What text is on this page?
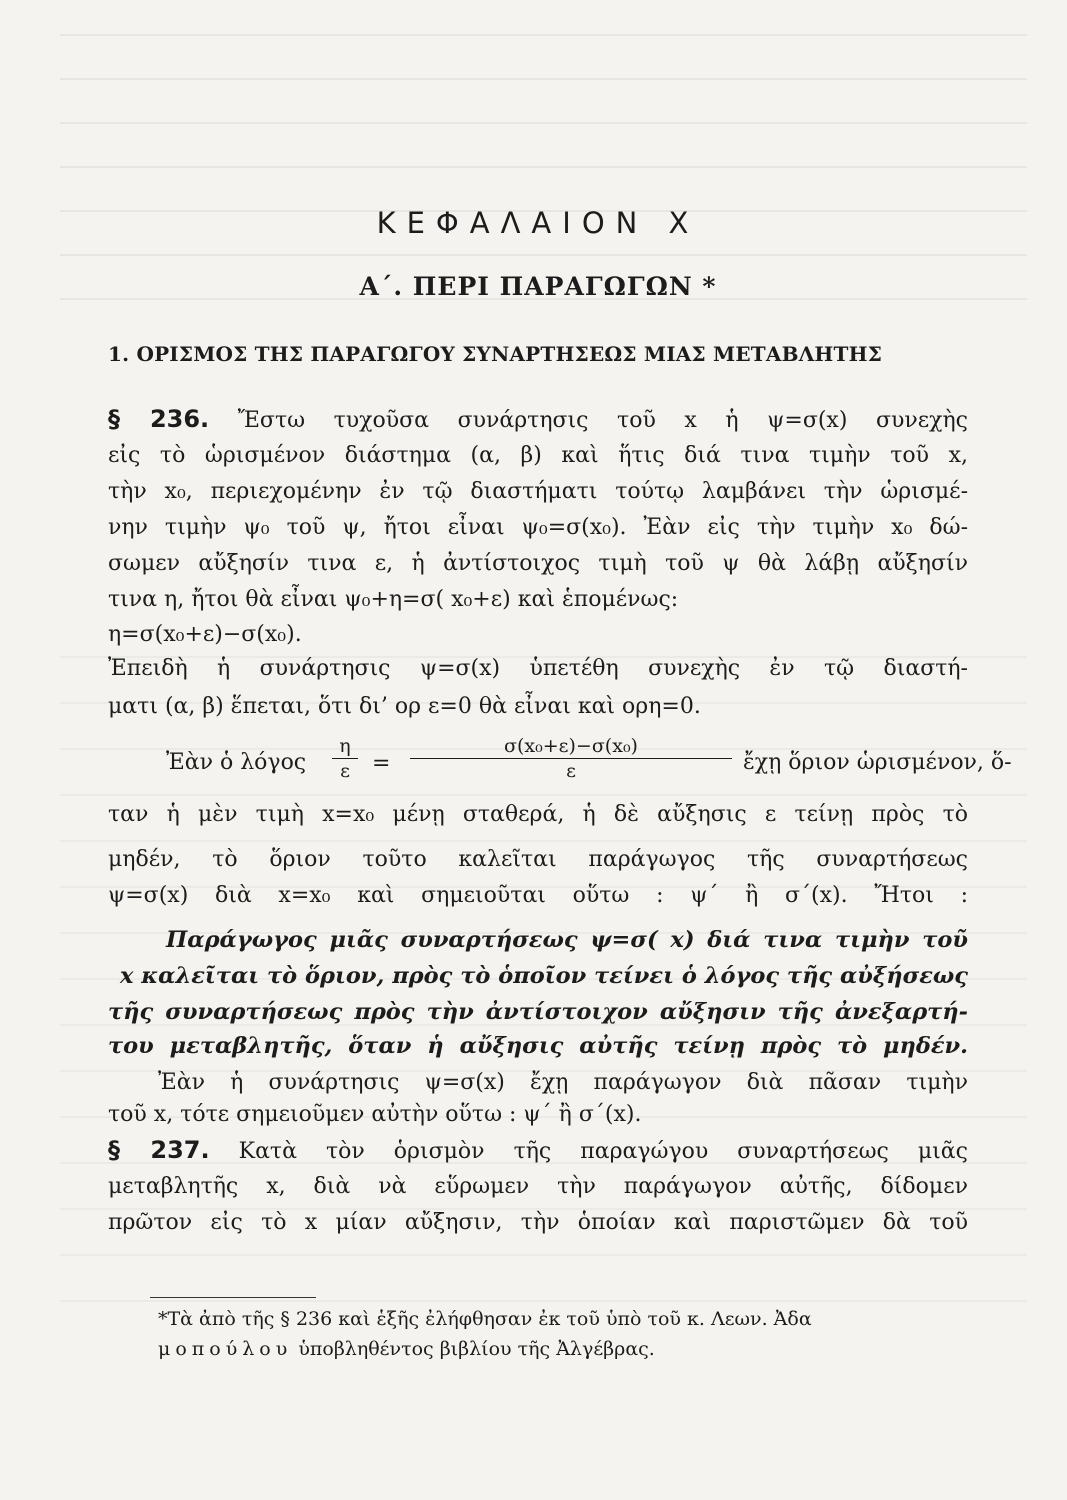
ΚΕΦΑΛΑΙΟΝ Χ
Α΄. ΠΕΡΙ ΠΑΡΑΓΩΓΩΝ *
1. ΟΡΙΣΜΟΣ ΤΗΣ ΠΑΡΑΓΩΓΟΥ ΣΥΝΑΡΤΗΣΕΩΣ ΜΙΑΣ ΜΕΤΑΒΛΗΤΗΣ
§ 236. Ἔστω τυχοῦσα συνάρτησις τοῦ x ἡ ψ=σ(x) συνεχὴς
εἰς τὸ ὡρισμένον διάστημα (α, β) καὶ ἥτις διά τινα τιμὴν τοῦ x,
τὴν x₀, περιεχομένην ἐν τῷ διαστήματι τούτῳ λαμβάνει τὴν ὡρισμέ-
νην τιμὴν ψ₀ τοῦ ψ, ἤτοι εἶναι ψ₀=σ(x₀). Ἐὰν εἰς τὴν τιμὴν x₀ δώ-
σωμεν αὔξησίν τινα ε, ἡ ἀντίστοιχος τιμὴ τοῦ ψ θὰ λάβῃ αὔξησίν
τινα η, ἤτοι θὰ εἶναι ψ₀+η=σ( x₀+ε) καὶ ἑπομένως:
η=σ(x₀+ε)−σ(x₀).
Ἐπειδὴ ἡ συνάρτησις ψ=σ(x) ὑπετέθη συνεχὴς ἐν τῷ διαστή-
ματι (α, β) ἕπεται, ὅτι δι’ ορ ε=0 θὰ εἶναι καὶ ορη=0.
Ἐὰν ὁ λόγος
η
ε	=
σ(x₀+ε)−σ(x₀)
ε	ἔχῃ ὅριον ὡρισμένον, ὅ-
ταν ἡ μὲν τιμὴ x=x₀ μένῃ σταθερά, ἡ δὲ αὔξησις ε τείνῃ πρὸς τὸ
μηδέν, τὸ ὅριον τοῦτο καλεῖται παράγωγος τῆς συναρτήσεως
ψ=σ(x) διὰ x=x₀ καὶ σημειοῦται οὕτω : ψ΄ ἢ σ΄(x). Ἤτοι :
Παράγωγος μιᾶς συναρτήσεως ψ=σ( x) διά τινα τιμὴν τοῦ
x καλεῖται τὸ ὅριον, πρὸς τὸ ὁποῖον τείνει ὁ λόγος τῆς αὐξήσεως
τῆς συναρτήσεως πρὸς τὴν ἀντίστοιχον αὔξησιν τῆς ἀνεξαρτή-
του μεταβλητῆς, ὅταν ἡ αὔξησις αὐτῆς τείνῃ πρὸς τὸ μηδέν.
Ἐὰν ἡ συνάρτησις ψ=σ(x) ἔχῃ παράγωγον διὰ πᾶσαν τιμὴν
τοῦ x, τότε σημειοῦμεν αὐτὴν οὕτω : ψ΄ ἢ σ΄(x).
§ 237. Κατὰ τὸν ὁρισμὸν τῆς παραγώγου συναρτήσεως μιᾶς
μεταβλητῆς x, διὰ νὰ εὕρωμεν τὴν παράγωγον αὐτῆς, δίδομεν
πρῶτον εἰς τὸ x μίαν αὔξησιν, τὴν ὁποίαν καὶ παριστῶμεν δὰ τοῦ
*Τὰ ἀπὸ τῆς § 236 καὶ ἑξῆς ἐλήφθησαν ἐκ τοῦ ὑπὸ τοῦ κ. Λεων. Ἀδα
μοπούλου ὑποβληθέντος βιβλίου τῆς Ἀλγέβρας.
